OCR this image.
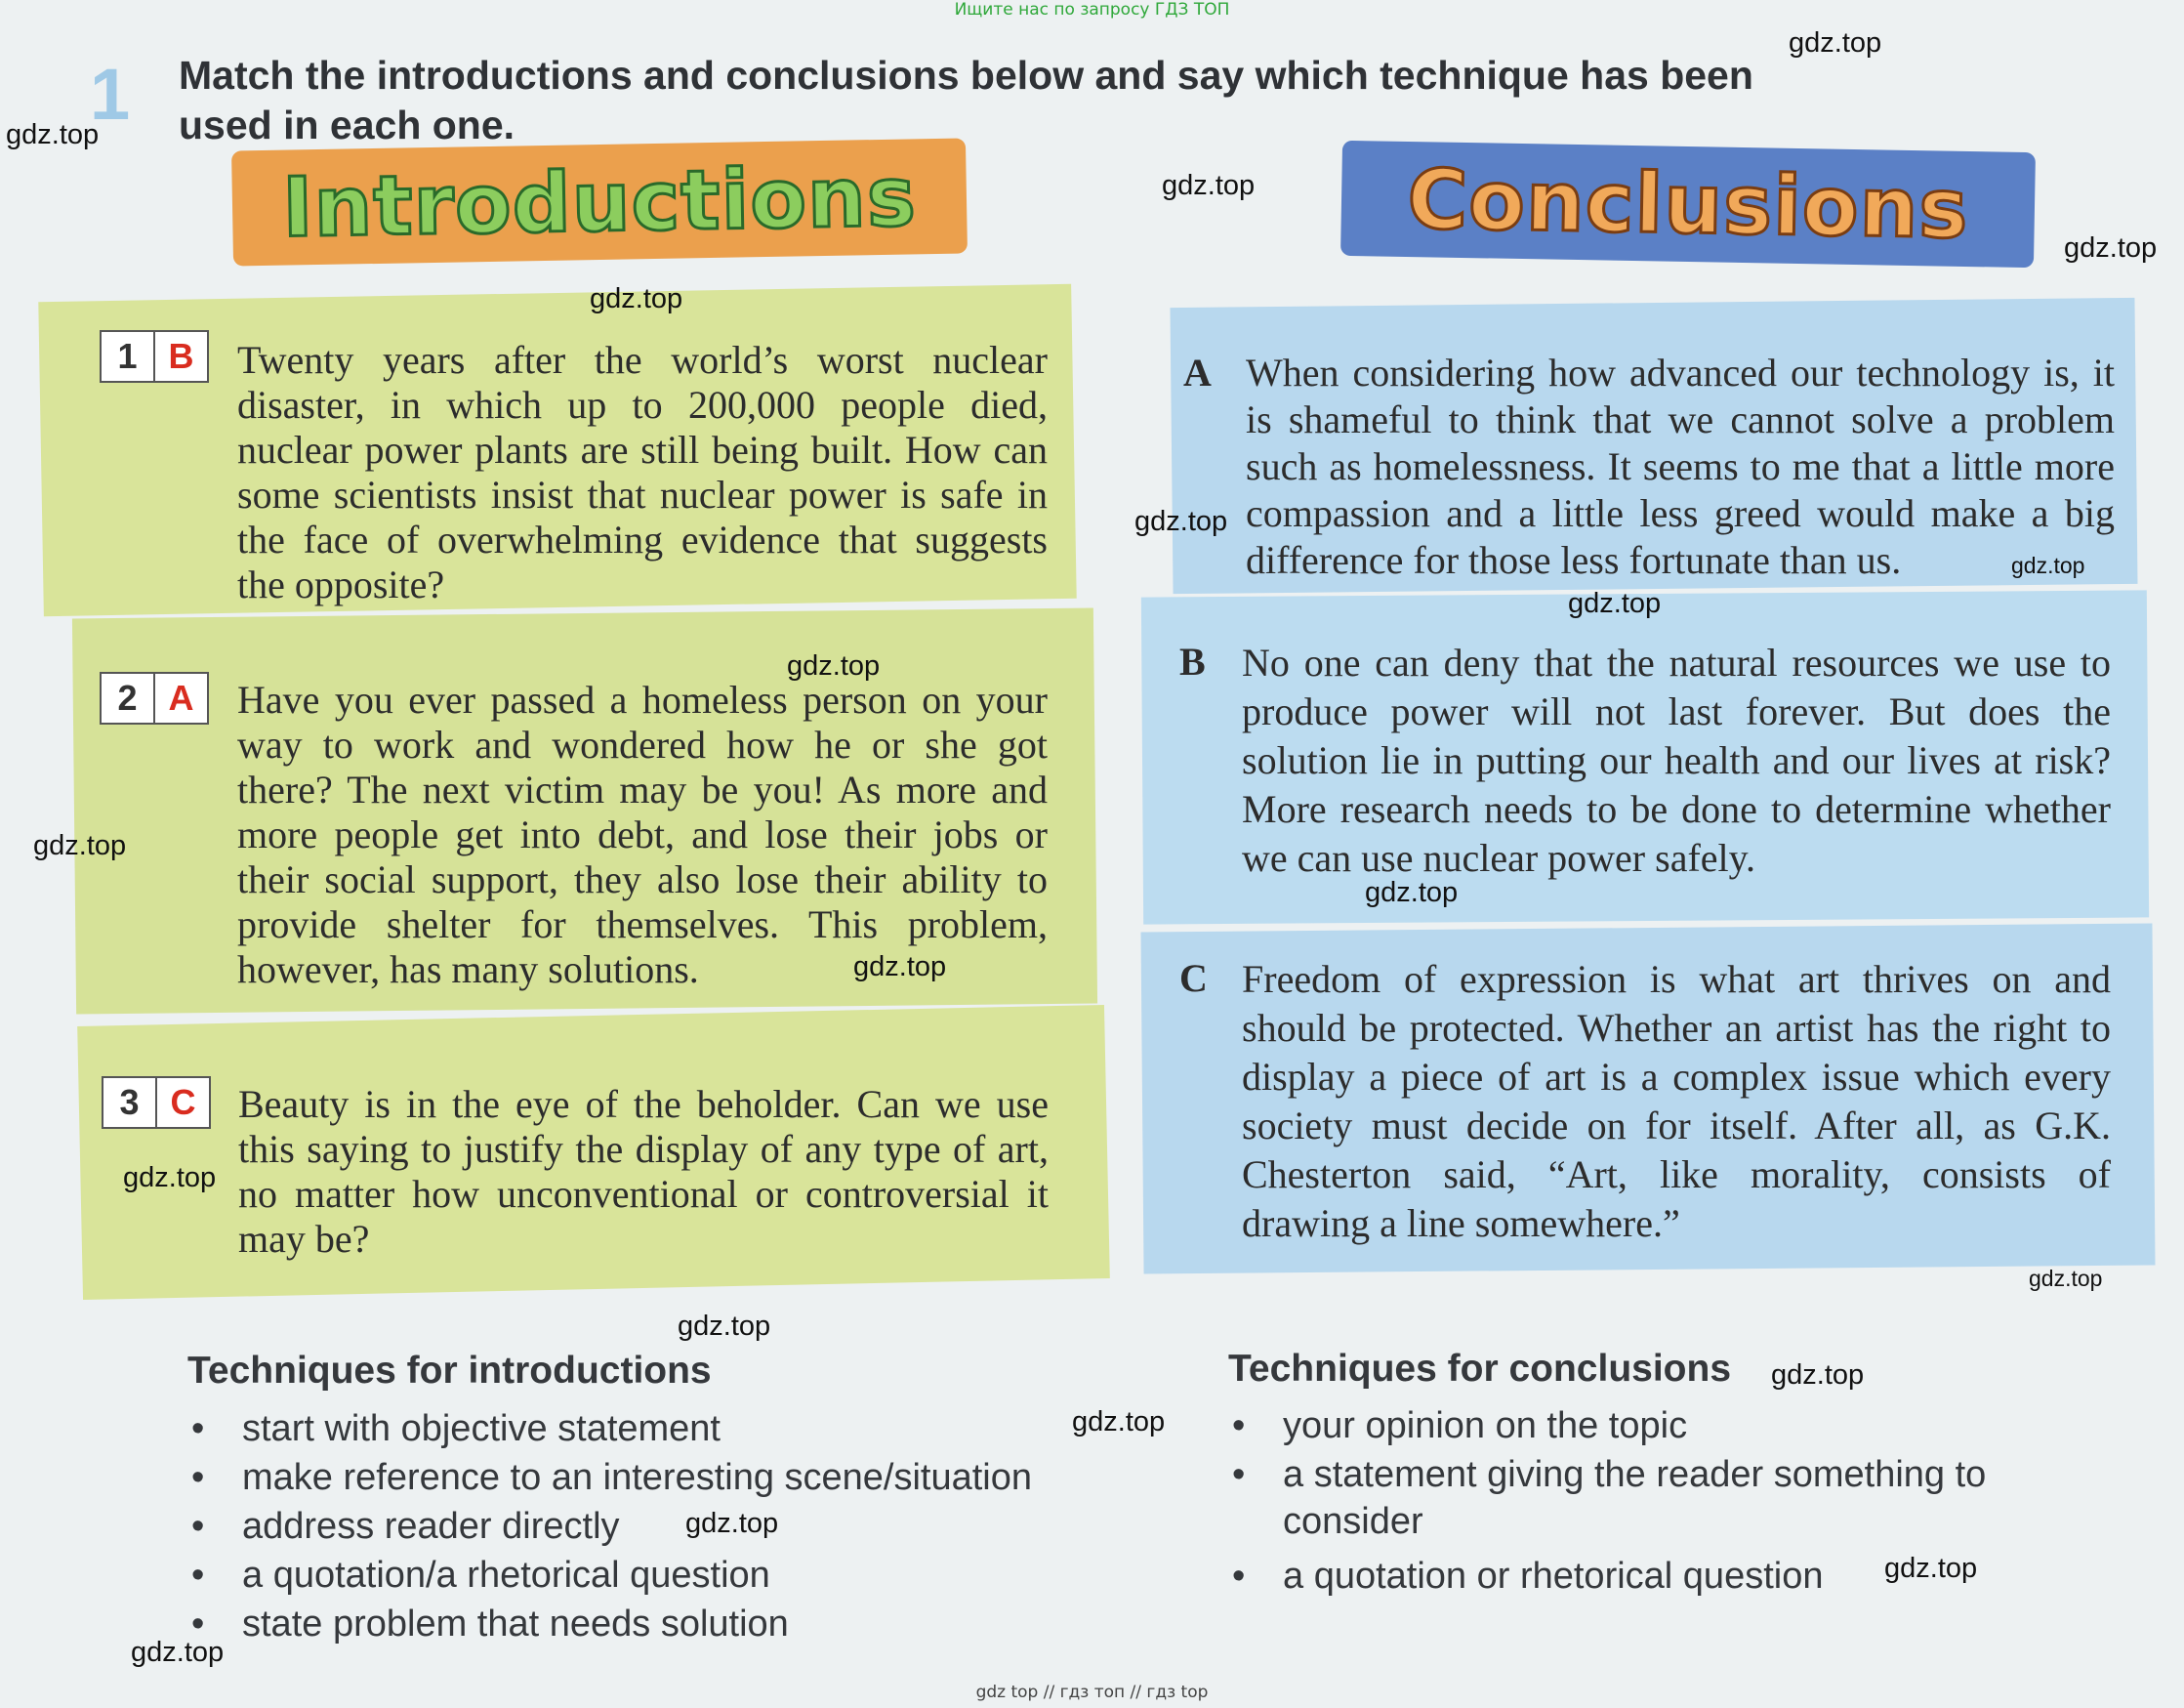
Ищите нас по запросу ГДЗ ТОП
1 Match the introductions and conclusions below and say which technique has been used in each one.
Introductions	Conclusions
1 B	Twenty years after the world’s worst nuclear disaster, in which up to 200,000 people died, nuclear power plants are still being built. How can some scientists insist that nuclear power is safe in the face of overwhelming evidence that suggests the opposite?
2 A	Have you ever passed a homeless person on your way to work and wondered how he or she got there? The next victim may be you! As more and more people get into debt, and lose their jobs or their social support, they also lose their ability to provide shelter for themselves. This problem, however, has many solutions.
3 C	Beauty is in the eye of the beholder. Can we use this saying to justify the display of any type of art, no matter how unconventional or controversial it may be?
A When considering how advanced our technology is, it is shameful to think that we cannot solve a problem such as homelessness. It seems to me that a little more compassion and a little less greed would make a big difference for those less fortunate than us.
B No one can deny that the natural resources we use to produce power will not last forever. But does the solution lie in putting our health and our lives at risk? More research needs to be done to determine whether we can use nuclear power safely.
C Freedom of expression is what art thrives on and should be protected. Whether an artist has the right to display a piece of art is a complex issue which every society must decide on for itself. After all, as G.K. Chesterton said, “Art, like morality, consists of drawing a line somewhere.”
Techniques for introductions
•	start with objective statement
•	make reference to an interesting scene/situation
•	address reader directly
•	a quotation/a rhetorical question
•	state problem that needs solution
Techniques for conclusions
•	your opinion on the topic
•	a statement giving the reader something to consider
•	a quotation or rhetorical question
gdz.top
gdz.top
gdz.top
gdz.top
gdz.top
gdz.top
gdz.top
gdz.top
gdz.top
gdz.top
gdz.top
gdz.top
gdz.top
gdz.top
gdz.top
gdz.top
gdz.top
gdz.top
gdz.top
gdz.top
gdz top // гдз топ // гдз top
